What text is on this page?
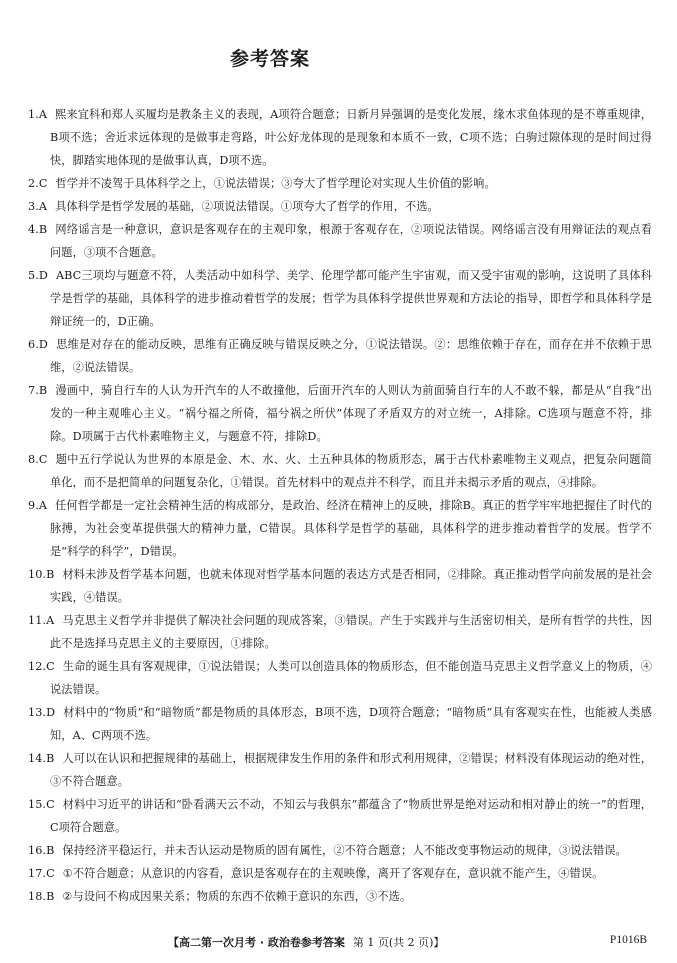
参考答案
1.A 熙来宜科和郑人买履均是教条主义的表现，A项符合题意；日新月异强调的是变化发展，缘木求鱼体现的是不尊重规律，B项不选；舍近求远体现的是做事走弯路，叶公好龙体现的是现象和本质不一致，C项不选；白驹过隙体现的是时间过得快，脚踏实地体现的是做事认真，D项不选。
2.C 哲学并不凌驾于具体科学之上，①说法错误；③夸大了哲学理论对实现人生价值的影响。
3.A 具体科学是哲学发展的基础，②项说法错误。①项夸大了哲学的作用，不选。
4.B 网络谣言是一种意识，意识是客观存在的主观印象，根源于客观存在，②项说法错误。网络谣言没有用辩证法的观点看问题，③项不合题意。
5.D ABC三项均与题意不符，人类活动中如科学、美学、伦理学都可能产生宇宙观，而又受宇宙观的影响，这说明了具体科学是哲学的基础，具体科学的进步推动着哲学的发展；哲学为具体科学提供世界观和方法论的指导，即哲学和具体科学是辩证统一的，D正确。
6.D 思维是对存在的能动反映，思维有正确反映与错误反映之分，①说法错误。②：思维依赖于存在，而存在并不依赖于思维，②说法错误。
7.B 漫画中，骑自行车的人认为开汽车的人不敢撞他，后面开汽车的人则认为前面骑自行车的人不敢不躲，都是从“自我”出发的一种主观唯心主义。“祸兮福之所倚，福兮祸之所伏”体现了矛盾双方的对立统一，A排除。C选项与题意不符，排除。D项属于古代朴素唯物主义，与题意不符，排除D。
8.C 题中五行学说认为世界的本原是金、木、水、火、土五种具体的物质形态，属于古代朴素唯物主义观点，把复杂问题简单化，而不是把简单的问题复杂化，①错误。首先材料中的观点并不科学，而且并未揭示矛盾的观点，④排除。
9.A 任何哲学都是一定社会精神生活的构成部分，是政治、经济在精神上的反映，排除B。真正的哲学牢牢地把握住了时代的脉搏，为社会变革提供强大的精神力量，C错误。具体科学是哲学的基础，具体科学的进步推动着哲学的发展。哲学不是“科学的科学”，D错误。
10.B 材料未涉及哲学基本问题，也就未体现对哲学基本问题的表达方式是否相同，②排除。真正推动哲学向前发展的是社会实践，④错误。
11.A 马克思主义哲学并非提供了解决社会问题的现成答案，③错误。产生于实践并与生活密切相关，是所有哲学的共性，因此不是选择马克思主义的主要原因，①排除。
12.C 生命的诞生具有客观规律，①说法错误；人类可以创造具体的物质形态，但不能创造马克思主义哲学意义上的物质，④说法错误。
13.D 材料中的“物质”和“暗物质”都是物质的具体形态，B项不选，D项符合题意；“暗物质”具有客观实在性，也能被人类感知，A、C两项不选。
14.B 人可以在认识和把握规律的基础上，根据规律发生作用的条件和形式利用规律，②错误；材料没有体现运动的绝对性，③不符合题意。
15.C 材料中习近平的讲话和“卧看满天云不动，不知云与我俱东”都蕴含了“物质世界是绝对运动和相对静止的统一”的哲理，C项符合题意。
16.B 保持经济平稳运行，并未否认运动是物质的固有属性，②不符合题意；人不能改变事物运动的规律，③说法错误。
17.C ①不符合题意；从意识的内容看，意识是客观存在的主观映像，离开了客观存在，意识就不能产生，④错误。
18.B ②与设问不构成因果关系；物质的东西不依赖于意识的东西，③不选。
【高二第一次月考 · 政治卷参考答案 第 1 页(共 2 页)】	P1016B
